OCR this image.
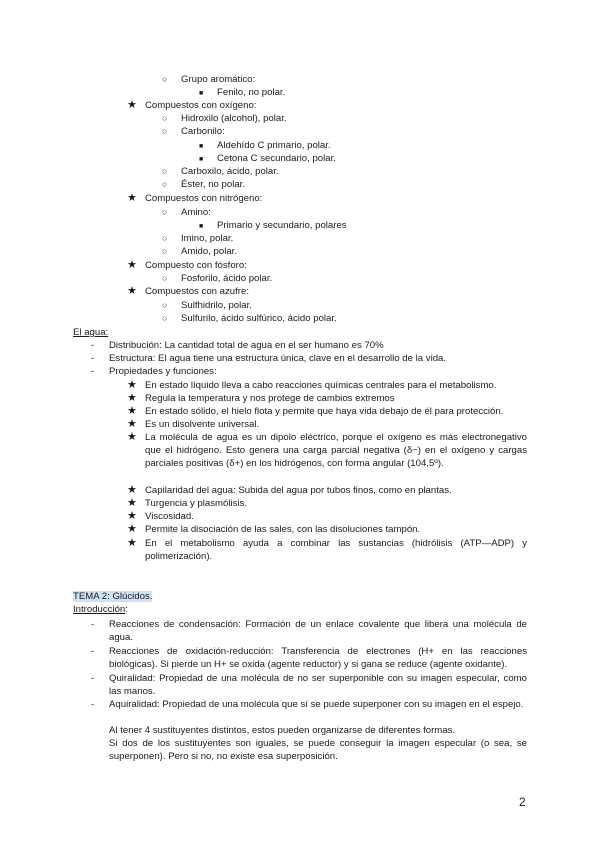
○ Grupo aromático:
■ Fenilo, no polar.
★ Compuestos con oxígeno:
○ Hidroxilo (alcohol), polar.
○ Carbonilo:
■ Aldehído C primario, polar.
■ Cetona C secundario, polar.
○ Carboxilo, ácido, polar.
○ Éster, no polar.
★ Compuestos con nitrógeno:
○ Amino:
■ Primario y secundario, polares
○ Imino, polar.
○ Amido, polar.
★ Compuesto con fósforo:
○ Fosforilo, ácido polar.
★ Compuestos con azufre:
○ Sulfhidrilo, polar.
○ Sulfurilo, ácido sulfúrico, ácido polar.
El agua:
- Distribución: La cantidad total de agua en el ser humano es 70%
- Estructura: El agua tiene una estructura única, clave en el desarrollo de la vida.
- Propiedades y funciones:
★ En estado líquido lleva a cabo reacciones químicas centrales para el metabolismo.
★ Regula la temperatura y nos protege de cambios extremos
★ En estado sólido, el hielo flota y permite que haya vida debajo de él para protección.
★ Es un disolvente universal.
★ La molécula de agua es un dipolo eléctrico, porque el oxígeno es más electronegativo que el hidrógeno. Esto genera una carga parcial negativa (δ−) en el oxígeno y cargas parciales positivas (δ+) en los hidrógenos, con forma angular (104,5º).
★ Capilaridad del agua: Subida del agua por tubos finos, como en plantas.
★ Turgencia y plasmólisis.
★ Viscosidad.
★ Permite la disociación de las sales, con las disoluciones tampón.
★ En el metabolismo ayuda a combinar las sustancias (hidrólisis (ATP—ADP) y polimerización).
TEMA 2: Glúcidos.
Introducción:
- Reacciones de condensación: Formación de un enlace covalente que libera una molécula de agua.
- Reacciones de oxidación-reducción: Transferencia de electrones (H+ en las reacciones biológicas). Si pierde un H+ se oxida (agente reductor) y si gana se reduce (agente oxidante).
- Quiralidad: Propiedad de una molécula de no ser superponible con su imagen especular, como las manos.
- Aquiralidad: Propiedad de una molécula que sí se puede superponer con su imagen en el espejo.
Al tener 4 sustituyentes distintos, estos pueden organizarse de diferentes formas.
Si dos de los sustituyentes son iguales, se puede conseguir la imagen especular (o sea, se superponen). Pero si no, no existe esa superposición.
2
